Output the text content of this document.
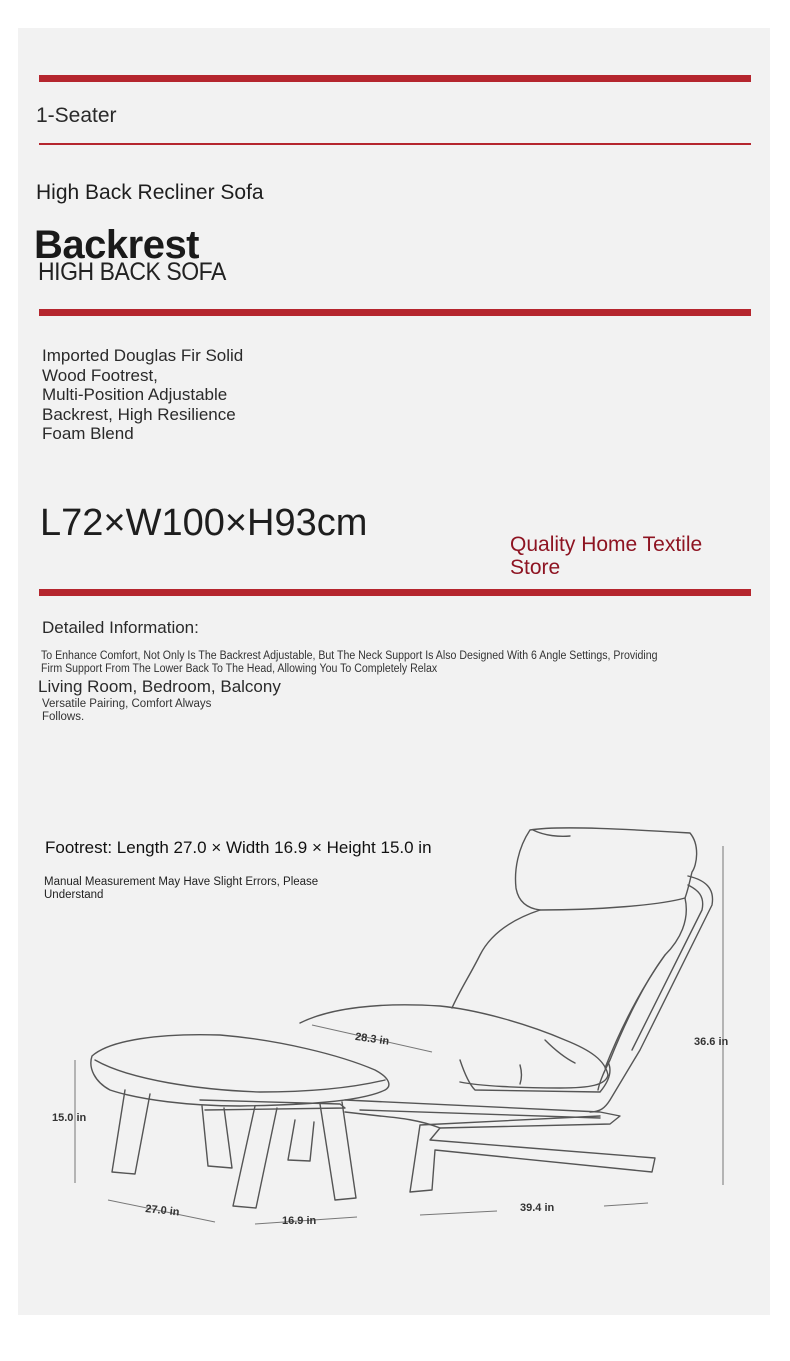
1-Seater
High Back Recliner Sofa
Backrest
HIGH BACK SOFA
Imported Douglas Fir Solid
Wood Footrest,
Multi-Position Adjustable
Backrest, High Resilience
Foam Blend
L72×W100×H93cm
Quality Home Textile
Store
Detailed Information:
To Enhance Comfort, Not Only Is The Backrest Adjustable, But The Neck Support Is Also Designed With 6 Angle Settings, Providing
Firm Support From The Lower Back To The Head, Allowing You To Completely Relax
Living Room, Bedroom, Balcony
Versatile Pairing, Comfort Always
Follows.
Footrest: Length 27.0 × Width 16.9 × Height 15.0 in
Manual Measurement May Have Slight Errors, Please
Understand
28.3 in	36.6 in
15.0 in
27.0 in
16.9 in
39.4 in
